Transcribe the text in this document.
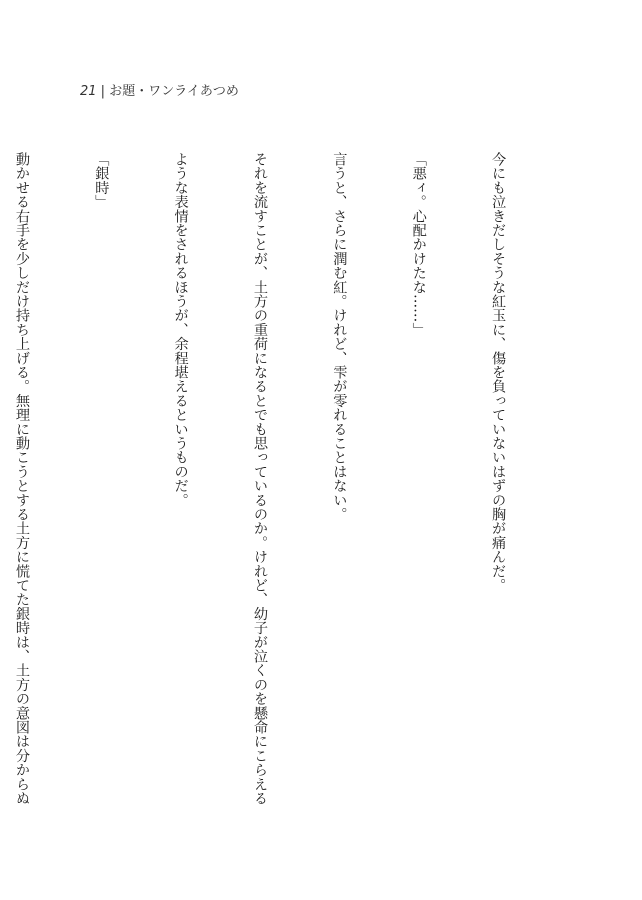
21 | お題・ワンライあつめ

今にも泣きだしそうな紅玉に、傷を負っていないはずの胸が痛んだ。

「悪ィ。心配かけたな……」

言うと、さらに潤む紅。けれど、雫が零れることはない。

それを流すことが、土方の重荷になるとでも思っているのか。けれど、幼子が泣くのを懸命にこらえる

ような表情をされるほうが、余程堪えるというものだ。

「銀時」

動かせる右手を少しだけ持ち上げる。無理に動こうとする土方に慌てた銀時は、土方の意図は分からぬ
